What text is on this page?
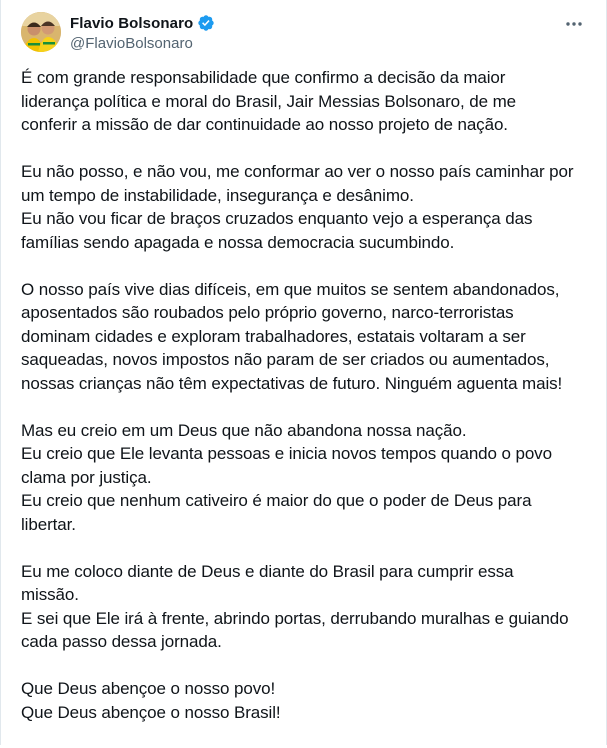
Flavio Bolsonaro
@FlavioBolsonaro

É com grande responsabilidade que confirmo a decisão da maior
liderança política e moral do Brasil, Jair Messias Bolsonaro, de me
conferir a missão de dar continuidade ao nosso projeto de nação.

Eu não posso, e não vou, me conformar ao ver o nosso país caminhar por
um tempo de instabilidade, insegurança e desânimo.
Eu não vou ficar de braços cruzados enquanto vejo a esperança das
famílias sendo apagada e nossa democracia sucumbindo.

O nosso país vive dias difíceis, em que muitos se sentem abandonados,
aposentados são roubados pelo próprio governo, narco-terroristas
dominam cidades e exploram trabalhadores, estatais voltaram a ser
saqueadas, novos impostos não param de ser criados ou aumentados,
nossas crianças não têm expectativas de futuro. Ninguém aguenta mais!

Mas eu creio em um Deus que não abandona nossa nação.
Eu creio que Ele levanta pessoas e inicia novos tempos quando o povo
clama por justiça.
Eu creio que nenhum cativeiro é maior do que o poder de Deus para
libertar.

Eu me coloco diante de Deus e diante do Brasil para cumprir essa
missão.
E sei que Ele irá à frente, abrindo portas, derrubando muralhas e guiando
cada passo dessa jornada.

Que Deus abençoe o nosso povo!
Que Deus abençoe o nosso Brasil!
